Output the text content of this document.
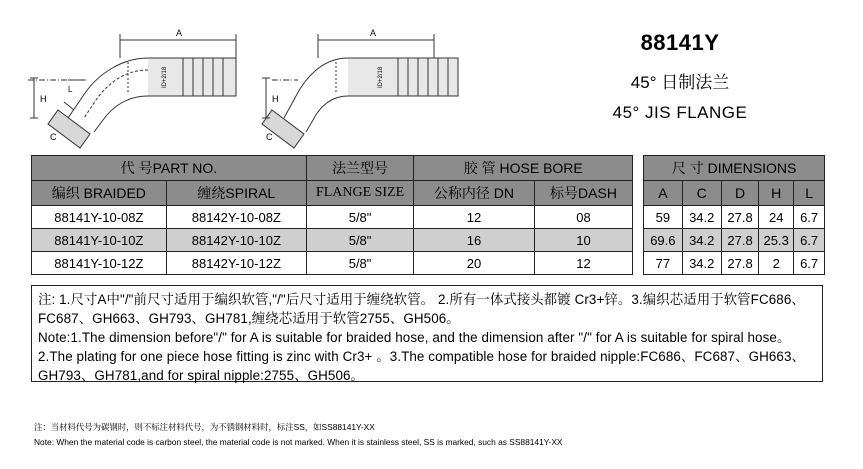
A
H
L
C
ID+2/18
A
H
C
ID+2/18
88141Y
45° 日制法兰
45° JIS FLANGE
代 号PART NO.		法兰型号	胶 管 HOSE BORE			尺 寸 DIMENSIONS				
编织 BRAIDED	缠绕SPIRAL	FLANGE SIZE	公称内径 DN	标号DASH		A	C	D	H	L
88141Y-10-08Z	88142Y-10-08Z	5/8"	12	08		59	34.2	27.8	24	6.7
88141Y-10-10Z	88142Y-10-10Z	5/8"	16	10		69.6	34.2	27.8	25.3	6.7
88141Y-10-12Z	88142Y-10-12Z	5/8"	20	12		77	34.2	27.8	2	6.7

注: 1.尺寸A中"/"前尺寸适用于编织软管,"/"后尺寸适用于缠绕软管。 2.所有一体式接头都镀 Cr3+锌。3.编织芯适用于软管FC686、FC687、GH663、GH793、GH781,缠绕芯适用于软管2755、GH506。

Note:1.The dimension before"/" for A is suitable for braided hose, and the dimension after "/" for A is suitable for spiral hose。2.The plating for one piece hose fitting is zinc with Cr3+ 。3.The compatible hose for braided nipple:FC686、FC687、GH663、GH793、GH781,and for spiral nipple:2755、GH506。

注：当材料代号为碳钢时，则不标注材料代号，为不锈钢材料时，标注SS，如SS88141Y-XX
Note: When the material code is carbon steel, the material code is not marked. When it is stainless steel, SS is marked, such as SS88141Y-XX
